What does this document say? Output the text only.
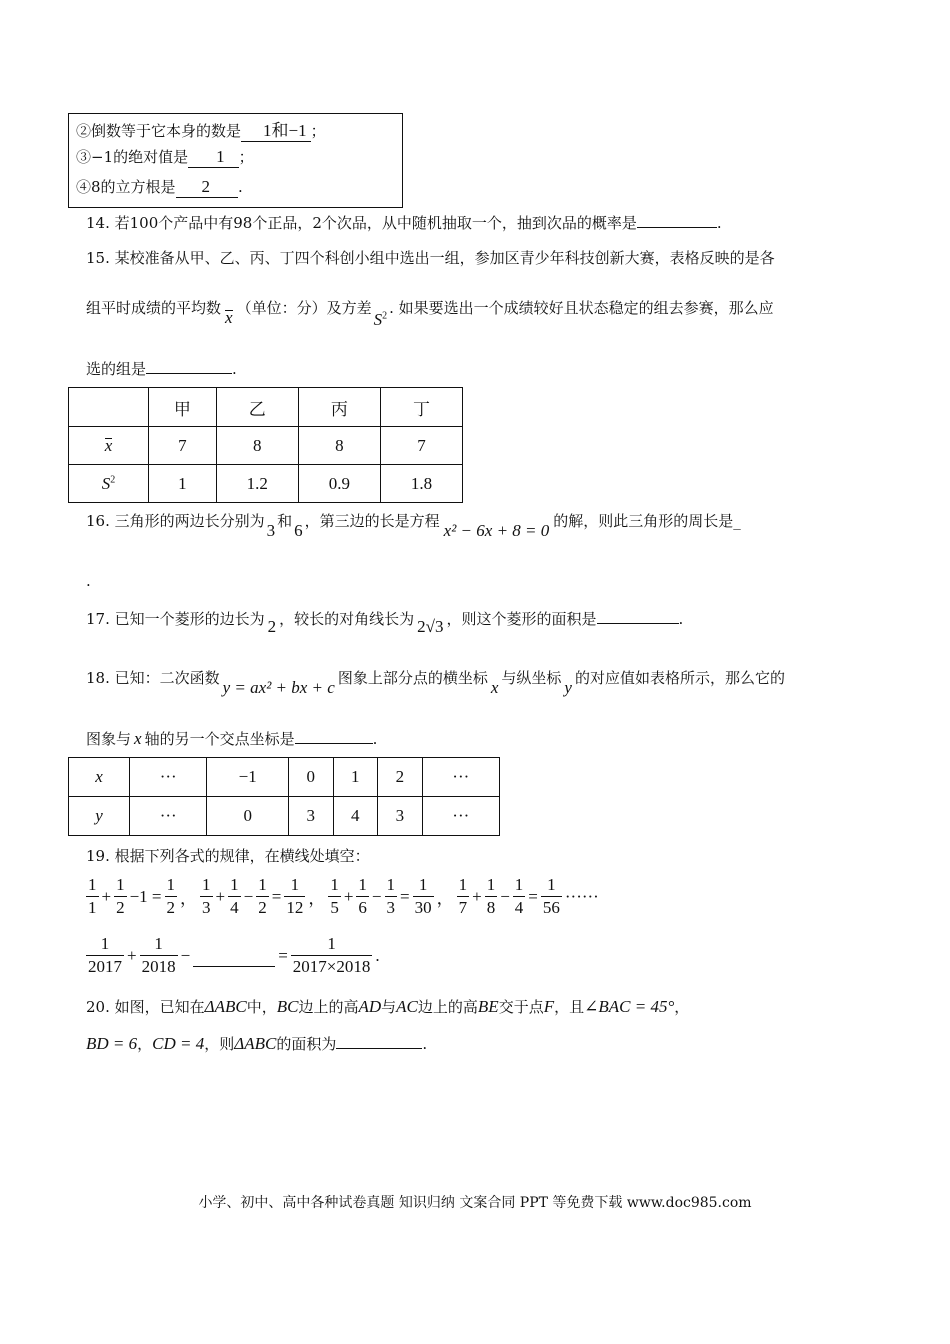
②倒数等于它本身的数是 1和−1 ；
③−1的绝对值是 1 ；
④8的立方根是 2 .
14. 若100个产品中有98个正品，2个次品，从中随机抽取一个，抽到次品的概率是	.
15. 某校准备从甲、乙、丙、丁四个科创小组中选出一组，参加区青少年科技创新大赛，表格反映的是各
组平时成绩的平均数 x （单位：分）及方差$S^2$ . 如果要选出一个成绩较好且状态稳定的组去参赛，那么应
选的组是	.
	甲	乙	丙	丁
x	7	8	8	7
$S^2$	1	1.2	0.9	1.8
16. 三角形的两边长分别为 3 和 6 ，第三边的长是方程 x² − 6x + 8 = 0 的解，则此三角形的周长是_
.
17. 已知一个菱形的边长为 2 ，较长的对角线长为 2√3 ，则这个菱形的面积是	.
18. 已知：二次函数 y = ax² + bx + c 图象上部分点的横坐标 x 与纵坐标 y 的对应值如表格所示，那么它的
图象与 x 轴的另一个交点坐标是	.
x	···	−1	0	1	2	···
y	···	0	3	4	3	···
19. 根据下列各式的规律，在横线处填空：
$\frac{1}{1} + \frac{1}{2} -1 = \frac{1}{2}$ ， $\frac{1}{3} + \frac{1}{4} - \frac{1}{2} = \frac{1}{12}$ ， $\frac{1}{5} + \frac{1}{6} - \frac{1}{3} = \frac{1}{30}$ ， $\frac{1}{7} + \frac{1}{8} - \frac{1}{4} = \frac{1}{56}$ ······
$\frac{1}{2017} + \frac{1}{2018}$ −	= $\frac{1}{2017\times 2018}$ .
20. 如图，已知在ΔABC中，BC边上的高AD与AC边上的高BE交于点F，且∠BAC = 45°，
BD = 6，CD = 4，则ΔABC的面积为	.
小学、初中、高中各种试卷真题 知识归纳 文案合同 PPT 等免费下载 www.doc985.com
